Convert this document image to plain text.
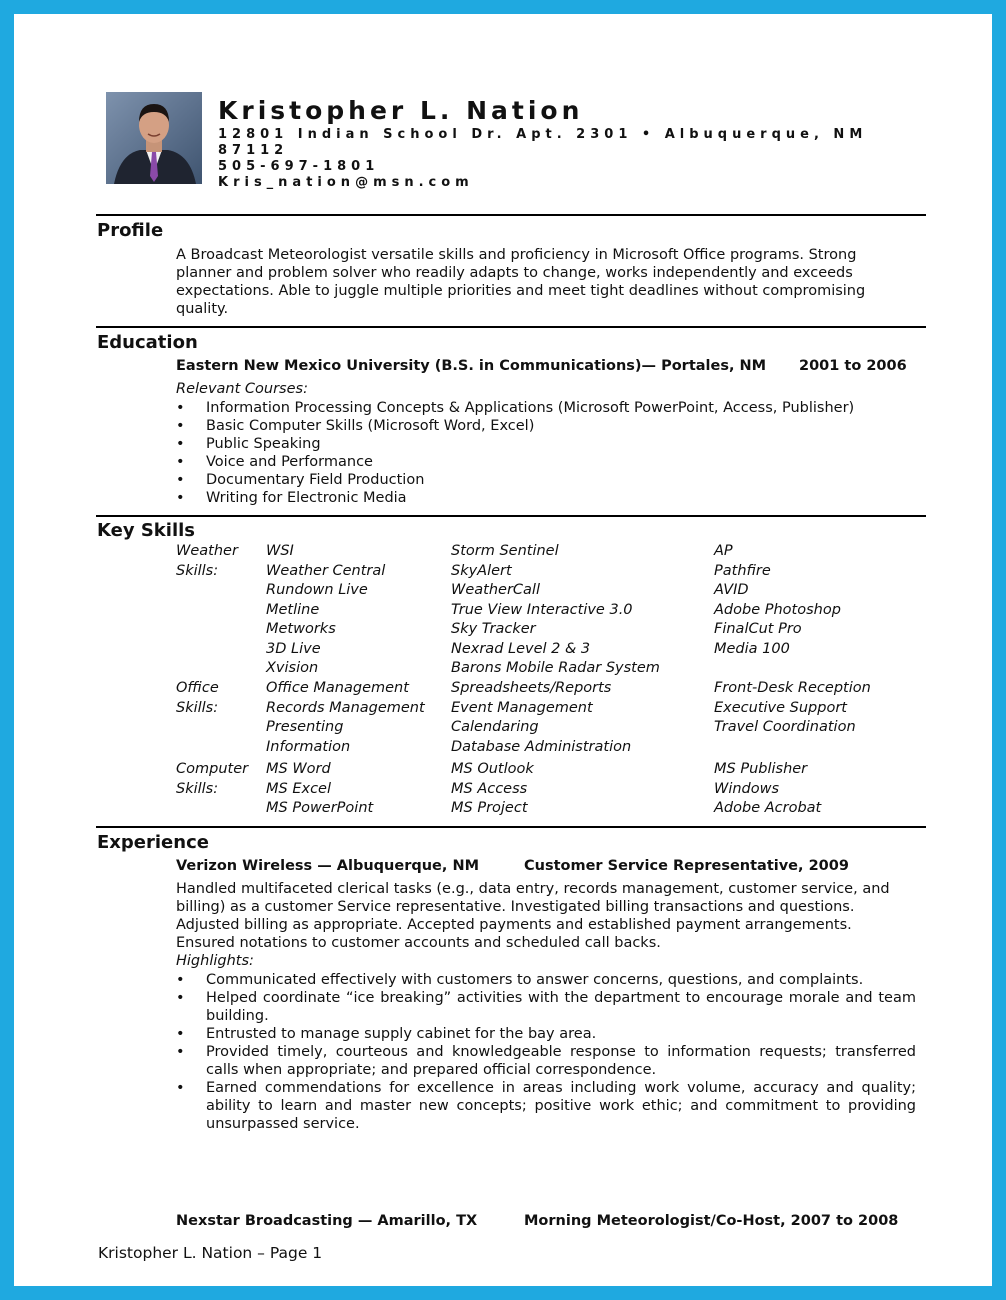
Kristopher L. Nation
12801 Indian School Dr. Apt. 2301 • Albuquerque, NM
87112
505-697-1801
Kris_nation@msn.com
Profile
A Broadcast Meteorologist versatile skills and proficiency in Microsoft Office programs. Strong
planner and problem solver who readily adapts to change, works independently and exceeds
expectations. Able to juggle multiple priorities and meet tight deadlines without compromising
quality.
Education
Eastern New Mexico University (B.S. in Communications)— Portales, NM 2001 to 2006
Relevant Courses:
• Information Processing Concepts & Applications (Microsoft PowerPoint, Access, Publisher)
• Basic Computer Skills (Microsoft Word, Excel)
• Public Speaking
• Voice and Performance
• Documentary Field Production
• Writing for Electronic Media
Key Skills
Weather
Skills:
WSI
Weather Central
Rundown Live
Metline
Metworks
3D Live
Xvision
Storm Sentinel
SkyAlert
WeatherCall
True View Interactive 3.0
Sky Tracker
Nexrad Level 2 & 3
Barons Mobile Radar System
AP
Pathfire
AVID
Adobe Photoshop
FinalCut Pro
Media 100
Office
Skills:
Office Management
Records Management
Presenting
Information
Spreadsheets/Reports
Event Management
Calendaring
Database Administration
Front-Desk Reception
Executive Support
Travel Coordination
Computer
Skills:
MS Word
MS Excel
MS PowerPoint
MS Outlook
MS Access
MS Project
MS Publisher
Windows
Adobe Acrobat
Experience
Verizon Wireless — Albuquerque, NM	Customer Service Representative, 2009
Handled multifaceted clerical tasks (e.g., data entry, records management, customer service, and
billing) as a customer Service representative. Investigated billing transactions and questions.
Adjusted billing as appropriate. Accepted payments and established payment arrangements.
Ensured notations to customer accounts and scheduled call backs.
Highlights:
• Communicated effectively with customers to answer concerns, questions, and complaints.
• Helped coordinate “ice breaking” activities with the department to encourage morale and team building.
• Entrusted to manage supply cabinet for the bay area.
• Provided timely, courteous and knowledgeable response to information requests; transferred calls when appropriate; and prepared official correspondence.
• Earned commendations for excellence in areas including work volume, accuracy and quality; ability to learn and master new concepts; positive work ethic; and commitment to providing unsurpassed service.
Nexstar Broadcasting — Amarillo, TX	Morning Meteorologist/Co-Host, 2007 to 2008
Kristopher L. Nation – Page 1
